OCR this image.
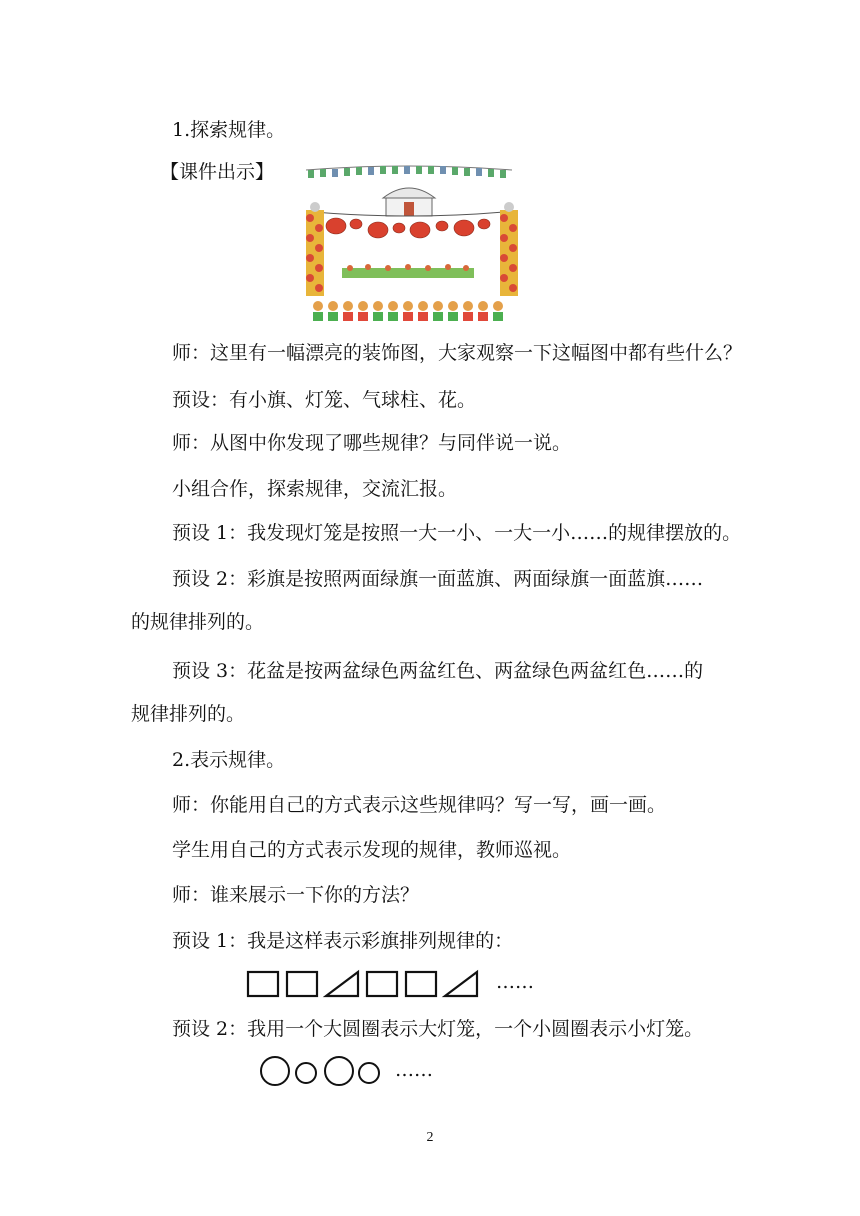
1.探索规律。
【课件出示】
师：这里有一幅漂亮的装饰图，大家观察一下这幅图中都有些什么？
预设：有小旗、灯笼、气球柱、花。
师：从图中你发现了哪些规律？与同伴说一说。
小组合作，探索规律，交流汇报。
预设 1：我发现灯笼是按照一大一小、一大一小……的规律摆放的。
预设 2：彩旗是按照两面绿旗一面蓝旗、两面绿旗一面蓝旗……
的规律排列的。
预设 3：花盆是按两盆绿色两盆红色、两盆绿色两盆红色……的
规律排列的。
2.表示规律。
师：你能用自己的方式表示这些规律吗？写一写，画一画。
学生用自己的方式表示发现的规律，教师巡视。
师：谁来展示一下你的方法？
预设 1：我是这样表示彩旗排列规律的：
……
预设 2：我用一个大圆圈表示大灯笼，一个小圆圈表示小灯笼。
……
2
